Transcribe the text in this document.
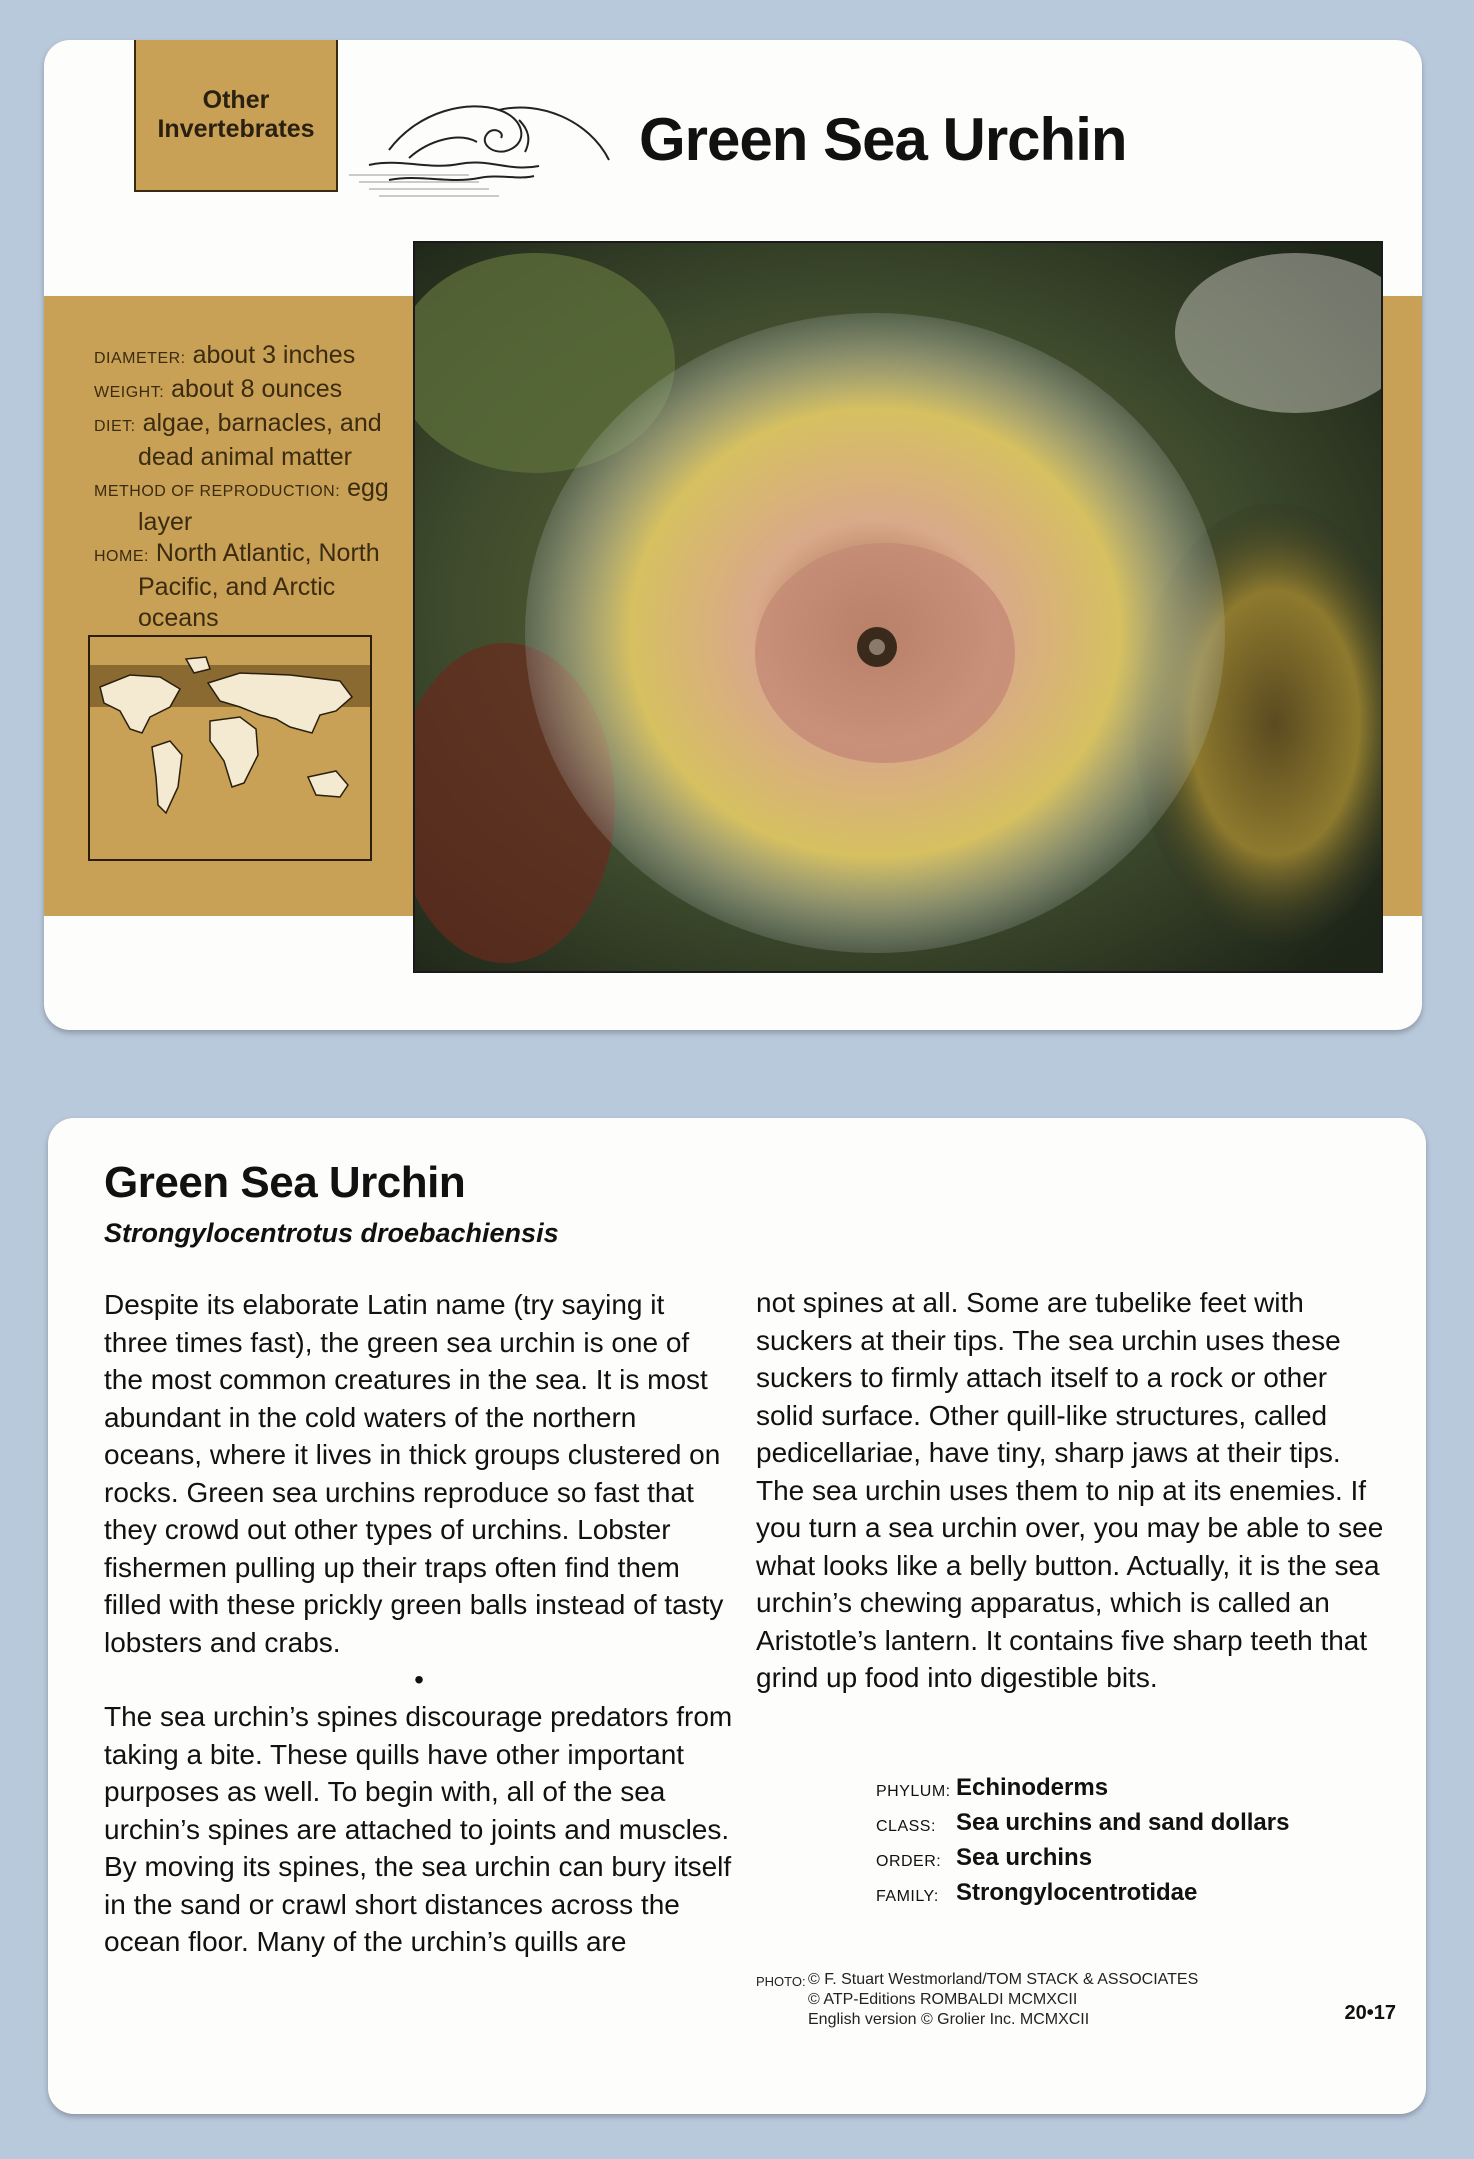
Other
Invertebrates	Green Sea Urchin
DIAMETER: about 3 inches
WEIGHT: about 8 ounces
DIET: algae, barnacles, and dead animal matter
METHOD OF REPRODUCTION: egg layer
HOME: North Atlantic, North Pacific, and Arctic oceans
Green Sea Urchin
Strongylocentrotus droebachiensis
Despite its elaborate Latin name (try saying it three times fast), the green sea urchin is one of the most common creatures in the sea. It is most abundant in the cold waters of the northern oceans, where it lives in thick groups clustered on rocks. Green sea urchins reproduce so fast that they crowd out other types of urchins. Lobster fishermen pulling up their traps often find them filled with these prickly green balls instead of tasty lobsters and crabs.
•
The sea urchin’s spines discourage predators from taking a bite. These quills have other important purposes as well. To begin with, all of the sea urchin’s spines are attached to joints and muscles. By moving its spines, the sea urchin can bury itself in the sand or crawl short distances across the ocean floor. Many of the urchin’s quills are
not spines at all. Some are tubelike feet with suckers at their tips. The sea urchin uses these suckers to firmly attach itself to a rock or other solid surface. Other quill-like structures, called pedicellariae, have tiny, sharp jaws at their tips. The sea urchin uses them to nip at its enemies. If you turn a sea urchin over, you may be able to see what looks like a belly button. Actually, it is the sea urchin’s chewing apparatus, which is called an Aristotle’s lantern. It contains five sharp teeth that grind up food into digestible bits.
PHYLUM: Echinoderms
CLASS: Sea urchins and sand dollars
ORDER: Sea urchins
FAMILY: Strongylocentrotidae
PHOTO: © F. Stuart Westmorland/TOM STACK & ASSOCIATES
© ATP-Editions ROMBALDI MCMXCII
English version © Grolier Inc. MCMXCII	20•17
